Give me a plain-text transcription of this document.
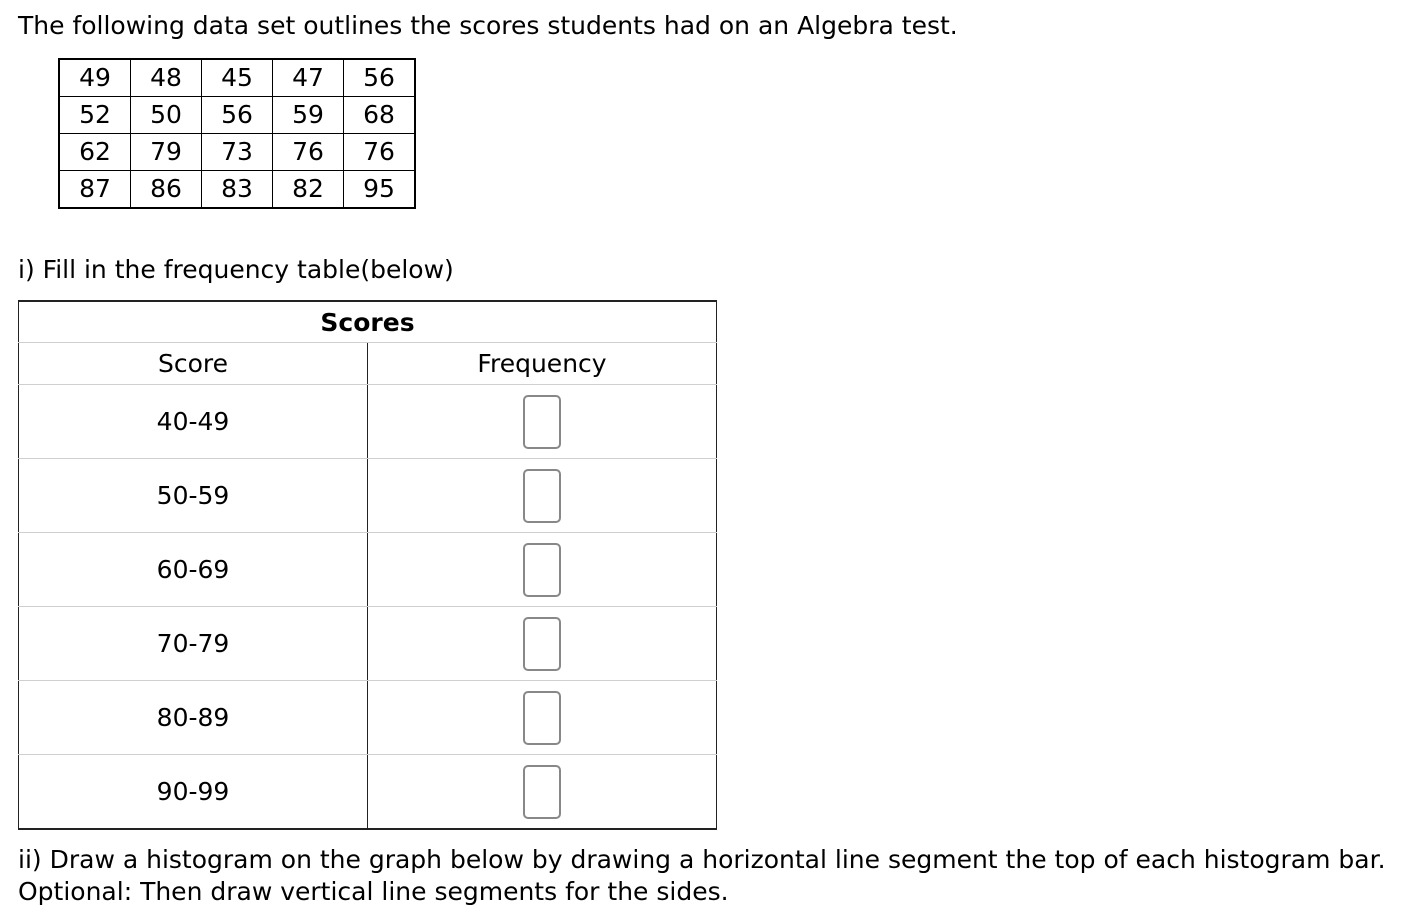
The following data set outlines the scores students had on an Algebra test.

49	48	45	47	56
52	50	56	59	68
62	79	73	76	76
87	86	83	82	95

i) Fill in the frequency table(below)

Scores	
Score	Frequency
40-49	
50-59	
60-69	
70-79	
80-89	
90-99	
ii) Draw a histogram on the graph below by drawing a horizontal line segment the top of each histogram bar.
Optional: Then draw vertical line segments for the sides.
